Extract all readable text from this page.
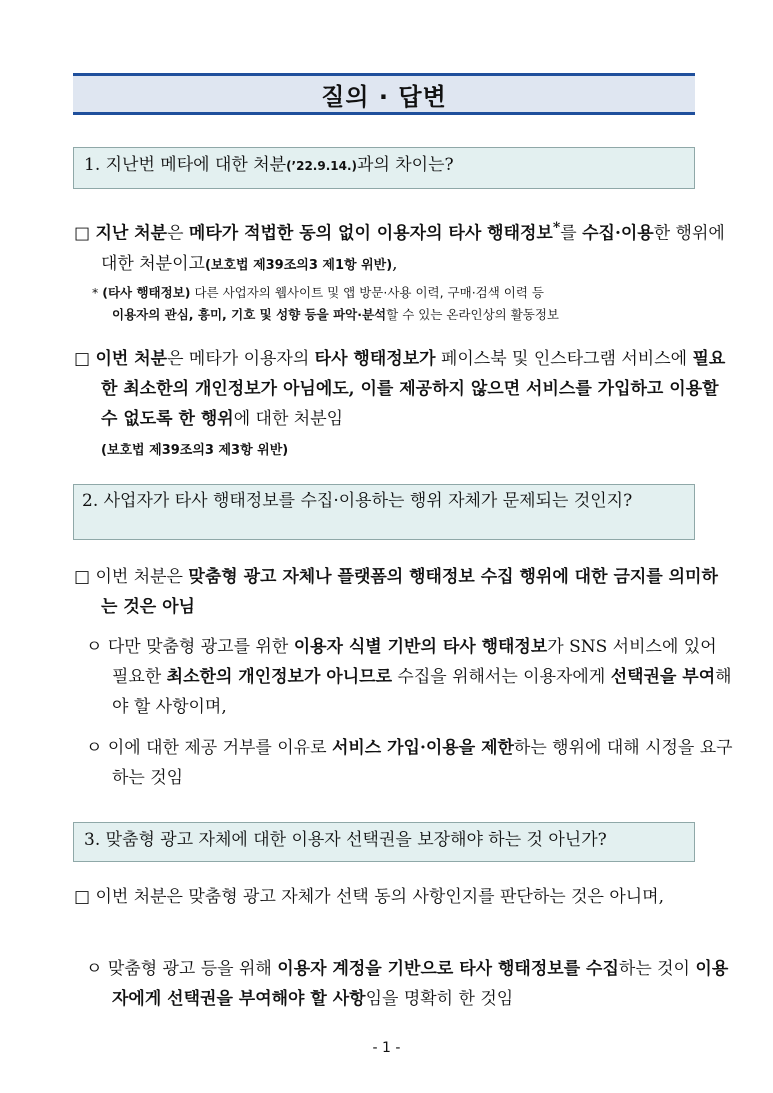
질의 · 답변
1. 지난번 메타에 대한 처분(’22.9.14.)과의 차이는?
□ 지난 처분은 메타가 적법한 동의 없이 이용자의 타사 행태정보*를 수집·이용한 행위에 대한 처분이고(보호법 제39조의3 제1항 위반),
* (타사 행태정보) 다른 사업자의 웹사이트 및 앱 방문·사용 이력, 구매·검색 이력 등
이용자의 관심, 흥미, 기호 및 성향 등을 파악·분석할 수 있는 온라인상의 활동정보
□ 이번 처분은 메타가 이용자의 타사 행태정보가 페이스북 및 인스타그램 서비스에 필요한 최소한의 개인정보가 아님에도, 이를 제공하지 않으면 서비스를 가입하고 이용할 수 없도록 한 행위에 대한 처분임
(보호법 제39조의3 제3항 위반)
2. 사업자가 타사 행태정보를 수집·이용하는 행위 자체가 문제되는 것인지?
□ 이번 처분은 맞춤형 광고 자체나 플랫폼의 행태정보 수집 행위에 대한 금지를 의미하는 것은 아님
ㅇ 다만 맞춤형 광고를 위한 이용자 식별 기반의 타사 행태정보가 SNS 서비스에 있어 필요한 최소한의 개인정보가 아니므로 수집을 위해서는 이용자에게 선택권을 부여해야 할 사항이며,
ㅇ 이에 대한 제공 거부를 이유로 서비스 가입·이용을 제한하는 행위에 대해 시정을 요구하는 것임
3. 맞춤형 광고 자체에 대한 이용자 선택권을 보장해야 하는 것 아닌가?
□ 이번 처분은 맞춤형 광고 자체가 선택 동의 사항인지를 판단하는 것은 아니며,
ㅇ 맞춤형 광고 등을 위해 이용자 계정을 기반으로 타사 행태정보를 수집하는 것이 이용자에게 선택권을 부여해야 할 사항임을 명확히 한 것임
- 1 -
